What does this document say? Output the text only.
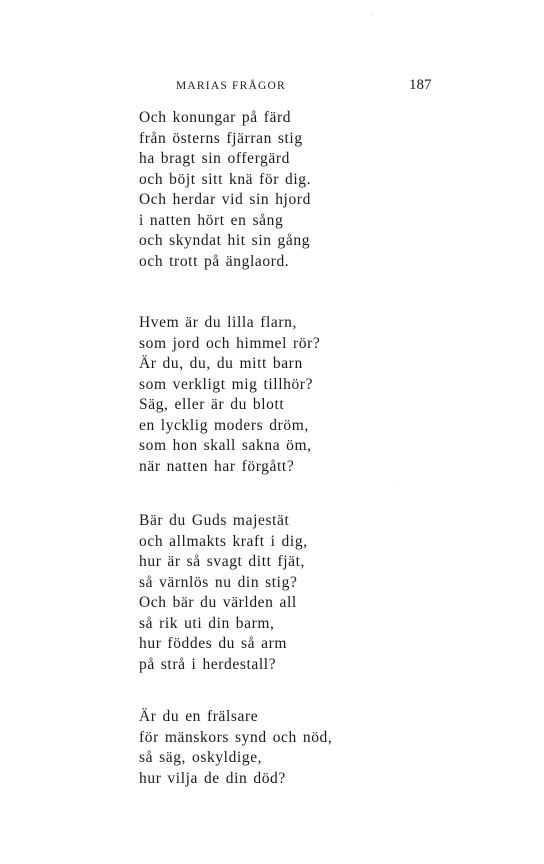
MARIAS FRÅGOR	187
Och konungar på färd
från österns fjärran stig
ha bragt sin offergärd
och böjt sitt knä för dig.
Och herdar vid sin hjord
i natten hört en sång
och skyndat hit sin gång
och trott på änglaord.
Hvem är du lilla flarn,
som jord och himmel rör?
Är du, du, du mitt barn
som verkligt mig tillhör?
Säg, eller är du blott
en lycklig moders dröm,
som hon skall sakna öm,
när natten har förgått?
Bär du Guds majestät
och allmakts kraft i dig,
hur är så svagt ditt fjät,
så värnlös nu din stig?
Och bär du världen all
så rik uti din barm,
hur föddes du så arm
på strå i herdestall?
Är du en frälsare
för mänskors synd och nöd,
så säg, oskyldige,
hur vilja de din död?
